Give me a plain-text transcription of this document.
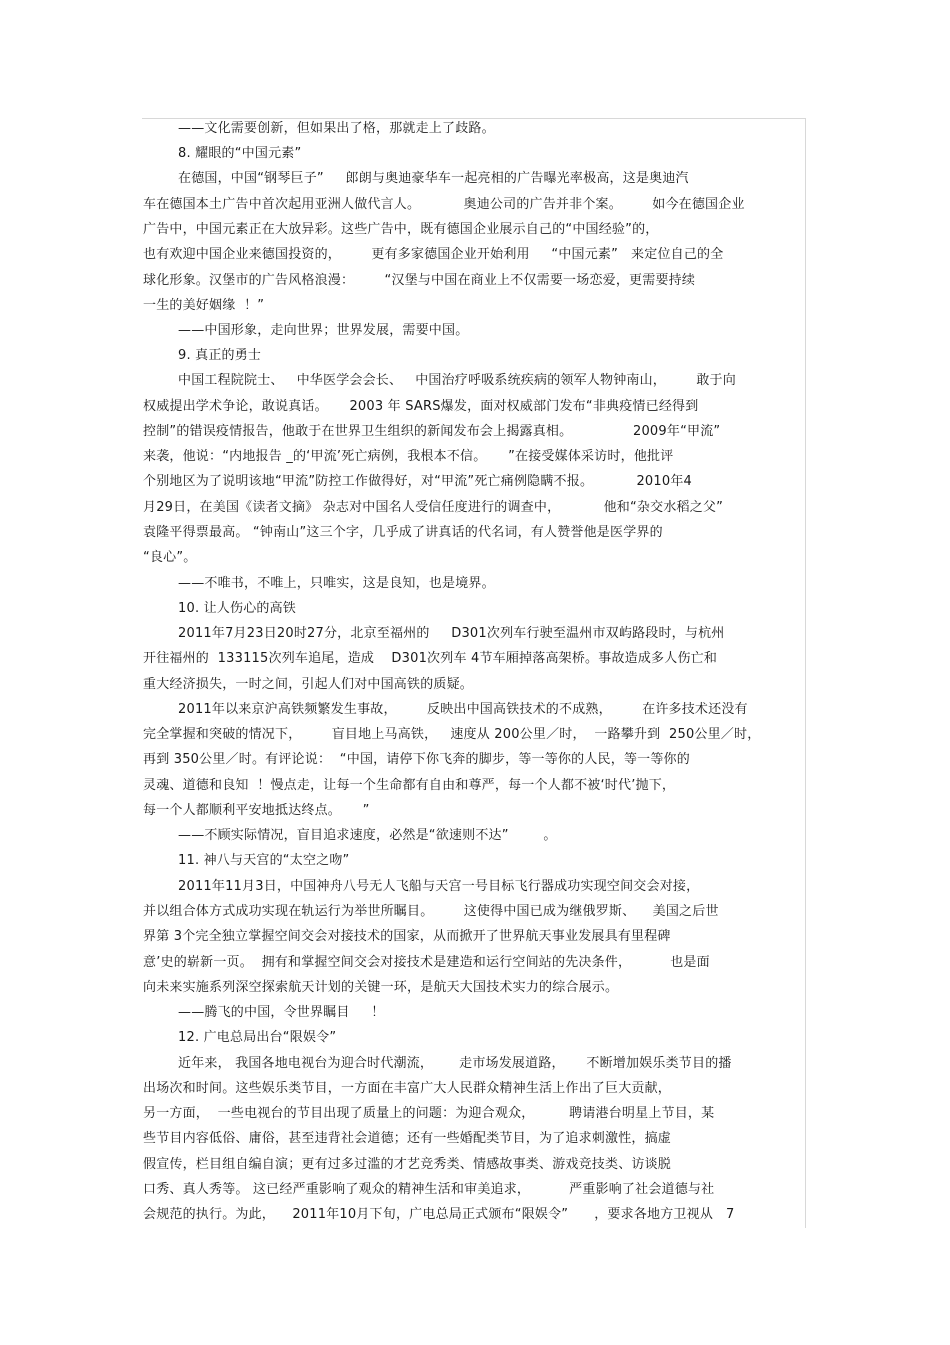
——文化需要创新，但如果出了格，那就走上了歧路。
8. 耀眼的“中国元素”
在德国，中国“钢琴巨子”     郎朗与奥迪豪华车一起亮相的广告曝光率极高，这是奥迪汽
车在德国本土广告中首次起用亚洲人做代言人。          奥迪公司的广告并非个案。       如今在德国企业
广告中，中国元素正在大放异彩。这些广告中，既有德国企业展示自己的“中国经验”的，
也有欢迎中国企业来德国投资的，       更有多家德国企业开始利用     “中国元素”   来定位自己的全
球化形象。汉堡市的广告风格浪漫：       “汉堡与中国在商业上不仅需要一场恋爱，更需要持续
一生的美好姻缘  ！”
——中国形象，走向世界；世界发展，需要中国。
9. 真正的勇士
中国工程院院士、   中华医学会会长、   中国治疗呼吸系统疾病的领军人物钟南山，       敢于向
权威提出学术争论，敢说真话。     2003 年 SARS爆发，面对权威部门发布“非典疫情已经得到
控制”的错误疫情报告，他敢于在世界卫生组织的新闻发布会上揭露真相。              2009年“甲流”
来袭，他说：“内地报告 _的‘甲流’死亡病例，我根本不信。     ”在接受媒体采访时，他批评
个别地区为了说明该地“甲流”防控工作做得好，对“甲流”死亡痛例隐瞒不报。          2010年4
月29日，在美国《读者文摘》 杂志对中国名人受信任度进行的调查中，          他和“杂交水稻之父”
袁隆平得票最高。 “钟南山”这三个字，几乎成了讲真话的代名词，有人赞誉他是医学界的
“良心”。
——不唯书，不唯上，只唯实，这是良知，也是境界。
10. 让人伤心的高铁
2011年7月23日20时27分，北京至福州的     D301次列车行驶至温州市双屿路段时，与杭州
开往福州的  133115次列车追尾，造成    D301次列车 4节车厢掉落高架桥。事故造成多人伤亡和
重大经济损失，一时之间，引起人们对中国高铁的质疑。
2011年以来京沪高铁频繁发生事故，       反映出中国高铁技术的不成熟，       在许多技术还没有
完全掌握和突破的情况下，       盲目地上马高铁，   速度从 200公里／时，  一路攀升到  250公里／时，
再到 350公里／时。有评论说：  “中国，请停下你飞奔的脚步，等一等你的人民，等一等你的
灵魂、道德和良知  ！慢点走，让每一个生命都有自由和尊严，每一个人都不被‘时代’抛下，
每一个人都顺利平安地抵达终点。     ”
——不顾实际情况，盲目追求速度，必然是“欲速则不达”        。
11. 神八与天宫的“太空之吻”
2011年11月3日，中国神舟八号无人飞船与天宫一号目标飞行器成功实现空间交会对接，
并以组合体方式成功实现在轨运行为举世所瞩目。       这使得中国已成为继俄罗斯、    美国之后世
界第 3个完全独立掌握空间交会对接技术的国家，从而掀开了世界航天事业发展具有里程碑
意’史的崭新一页。  拥有和掌握空间交会对接技术是建造和运行空间站的先决条件，         也是面
向未来实施系列深空探索航天计划的关键一环，是航天大国技术实力的综合展示。
——腾飞的中国，令世界瞩目     ！
12. 广电总局出台“限娱令”
近年来， 我国各地电视台为迎合时代潮流，      走市场发展道路，     不断增加娱乐类节目的播
出场次和时间。这些娱乐类节目，一方面在丰富广大人民群众精神生活上作出了巨大贡献，
另一方面，  一些电视台的节目出现了质量上的问题：为迎合观众，        聘请港台明星上节目，某
些节目内容低俗、庸俗，甚至违背社会道德；还有一些婚配类节目，为了追求刺激性，搞虚
假宣传，栏目组自编自演；更有过多过滥的才艺竞秀类、情感故事类、游戏竞技类、访谈脱
口秀、真人秀等。 这已经严重影响了观众的精神生活和审美追求，         严重影响了社会道德与社
会规范的执行。为此，    2011年10月下旬，广电总局正式颁布“限娱令”      ，要求各地方卫视从   7
